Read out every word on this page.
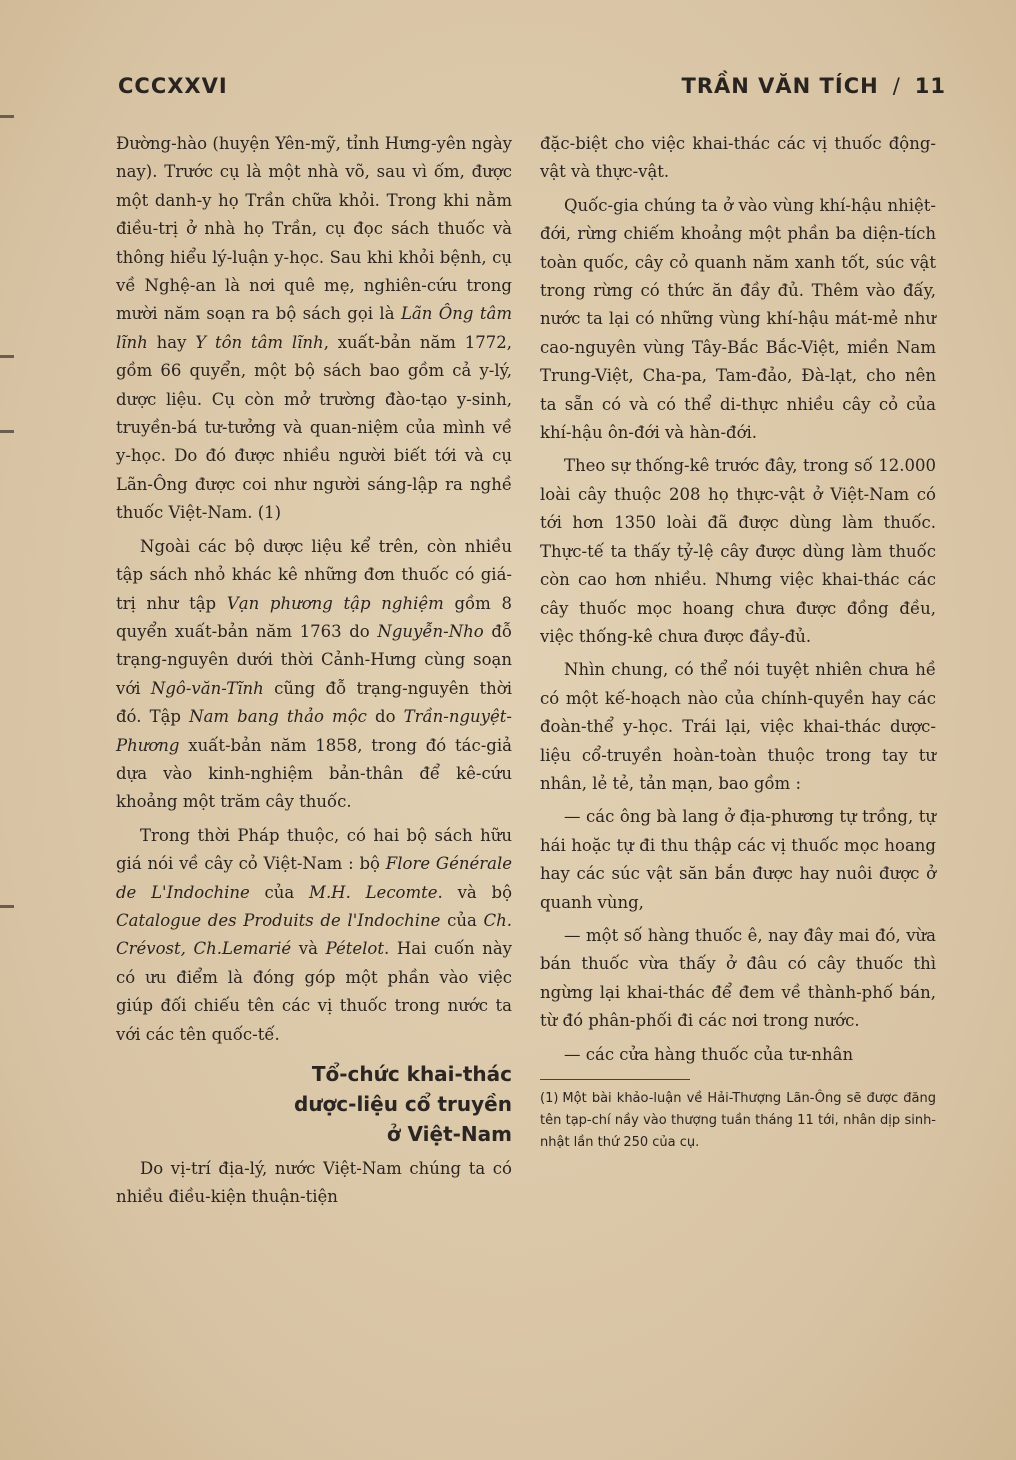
CCCXXVI	TRẦN VĂN TÍCH / 11

Đường-hào (huyện Yên-mỹ, tỉnh Hưng-yên ngày nay). Trước cụ là một nhà võ, sau vì ốm, được một danh-y họ Trần chữa khỏi. Trong khi nằm điều-trị ở nhà họ Trần, cụ đọc sách thuốc và thông hiểu lý-luận y-học. Sau khi khỏi bệnh, cụ về Nghệ-an là nơi quê mẹ, nghiên-cứu trong mười năm soạn ra bộ sách gọi là Lãn Ông tâm lĩnh hay Y tôn tâm lĩnh, xuất-bản năm 1772, gồm 66 quyển, một bộ sách bao gồm cả y-lý, dược liệu. Cụ còn mở trường đào-tạo y-sinh, truyền-bá tư-tưởng và quan-niệm của mình về y-học. Do đó được nhiều người biết tới và cụ Lãn-Ông được coi như người sáng-lập ra nghề thuốc Việt-Nam. (1)

Ngoài các bộ dược liệu kể trên, còn nhiều tập sách nhỏ khác kê những đơn thuốc có giá-trị như tập Vạn phương tập nghiệm gồm 8 quyển xuất-bản năm 1763 do Nguyễn-Nho đỗ trạng-nguyên dưới thời Cảnh-Hưng cùng soạn với Ngô-văn-Tĩnh cũng đỗ trạng-nguyên thời đó. Tập Nam bang thảo mộc do Trần-nguyệt-Phương xuất-bản năm 1858, trong đó tác-giả dựa vào kinh-nghiệm bản-thân để kê-cứu khoảng một trăm cây thuốc.

Trong thời Pháp thuộc, có hai bộ sách hữu giá nói về cây cỏ Việt-Nam : bộ Flore Générale de L'Indochine của M.H. Lecomte. và bộ Catalogue des Produits de l'Indochine của Ch. Crévost, Ch.Lemarié và Pételot. Hai cuốn này có ưu điểm là đóng góp một phần vào việc giúp đối chiếu tên các vị thuốc trong nước ta với các tên quốc-tế.

Tổ-chức khai-thác
dược-liệu cổ truyền
ở Việt-Nam

Do vị-trí địa-lý, nước Việt-Nam chúng ta có nhiều điều-kiện thuận-tiện

đặc-biệt cho việc khai-thác các vị thuốc động-vật và thực-vật.

Quốc-gia chúng ta ở vào vùng khí-hậu nhiệt-đới, rừng chiếm khoảng một phần ba diện-tích toàn quốc, cây cỏ quanh năm xanh tốt, súc vật trong rừng có thức ăn đầy đủ. Thêm vào đấy, nước ta lại có những vùng khí-hậu mát-mẻ như cao-nguyên vùng Tây-Bắc Bắc-Việt, miền Nam Trung-Việt, Cha-pa, Tam-đảo, Đà-lạt, cho nên ta sẵn có và có thể di-thực nhiều cây cỏ của khí-hậu ôn-đới và hàn-đới.

Theo sự thống-kê trước đây, trong số 12.000 loài cây thuộc 208 họ thực-vật ở Việt-Nam có tới hơn 1350 loài đã được dùng làm thuốc. Thực-tế ta thấy tỷ-lệ cây được dùng làm thuốc còn cao hơn nhiều. Nhưng việc khai-thác các cây thuốc mọc hoang chưa được đồng đều, việc thống-kê chưa được đầy-đủ.

Nhìn chung, có thể nói tuyệt nhiên chưa hề có một kế-hoạch nào của chính-quyền hay các đoàn-thể y-học. Trái lại, việc khai-thác dược-liệu cổ-truyền hoàn-toàn thuộc trong tay tư nhân, lẻ tẻ, tản mạn, bao gồm :

— các ông bà lang ở địa-phương tự trồng, tự hái hoặc tự đi thu thập các vị thuốc mọc hoang hay các súc vật săn bắn được hay nuôi được ở quanh vùng,

— một số hàng thuốc ê, nay đây mai đó, vừa bán thuốc vừa thấy ở đâu có cây thuốc thì ngừng lại khai-thác để đem về thành-phố bán, từ đó phân-phối đi các nơi trong nước.

— các cửa hàng thuốc của tư-nhân

(1) Một bài khảo-luận về Hải-Thượng Lãn-Ông sẽ được đăng tên tạp-chí nầy vào thượng tuần tháng 11 tới, nhân dịp sinh-nhật lần thứ 250 của cụ.
